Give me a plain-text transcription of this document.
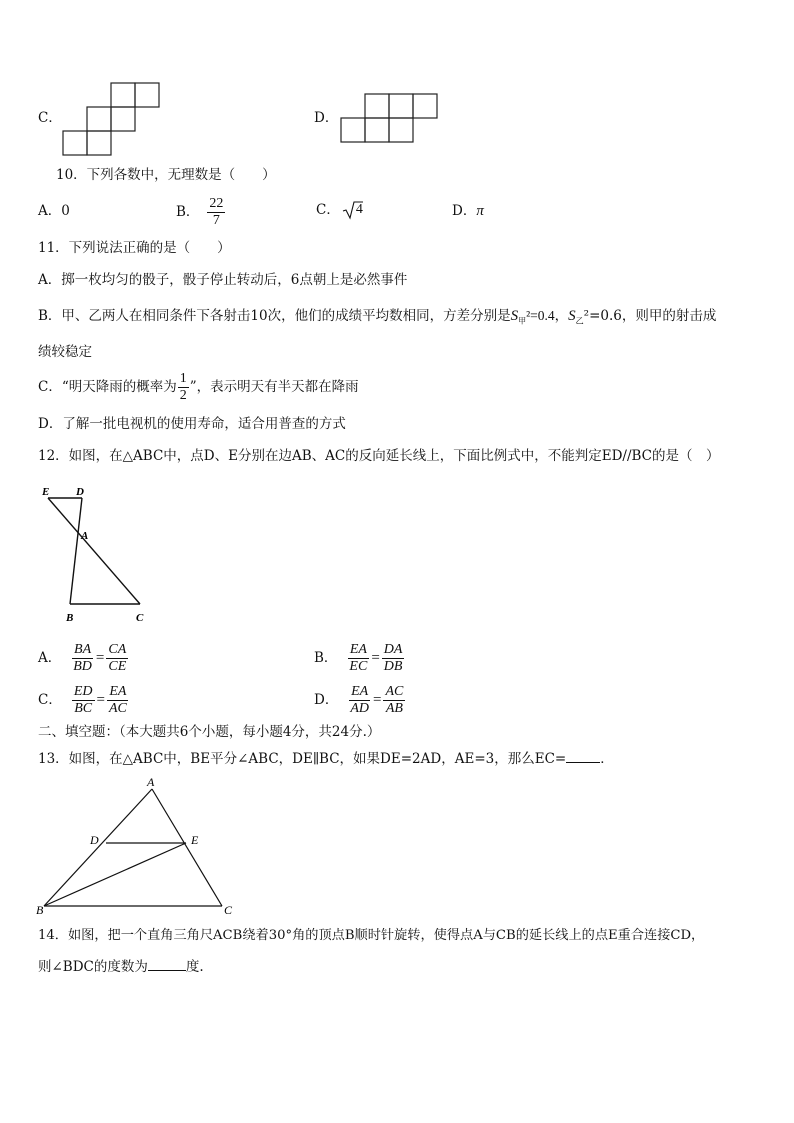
C．	D．
10．下列各数中，无理数是（　　）
A．0	B． $\frac{22}{7}$	C． 4	D．π
11．下列说法正确的是（　　）
A．掷一枚均匀的骰子，骰子停止转动后，6点朝上是必然事件
B．甲、乙两人在相同条件下各射击10次，他们的成绩平均数相同，方差分别是$S_甲^2=0.4$，$S_乙^2=0.6$，则甲的射击成
绩较稳定
C．“明天降雨的概率为 $\frac{1}{2}$ ”，表示明天有半天都在降雨
D．了解一批电视机的使用寿命，适合用普查的方式
12．如图，在△ABC中，点D、E分别在边AB、AC的反向延长线上，下面比例式中，不能判定ED//BC的是（　）
E D
A
B	C
A． $\frac{BA}{BD} = \frac{CA}{CE}$	B． $\frac{EA}{EC} = \frac{DA}{DB}$
C． $\frac{ED}{BC} = \frac{EA}{AC}$	D． $\frac{EA}{AD} = \frac{AC}{AB}$
二、填空题：（本大题共6个小题，每小题4分，共24分.）
13．如图，在△ABC中，BE平分∠ABC，DE∥BC，如果DE=2AD，AE=3，那么EC=	．
A
D	E
B	C
14．如图，把一个直角三角尺ACB绕着30°角的顶点B顺时针旋转，使得点A与CB的延长线上的点E重合连接CD，
则∠BDC的度数为	度.
